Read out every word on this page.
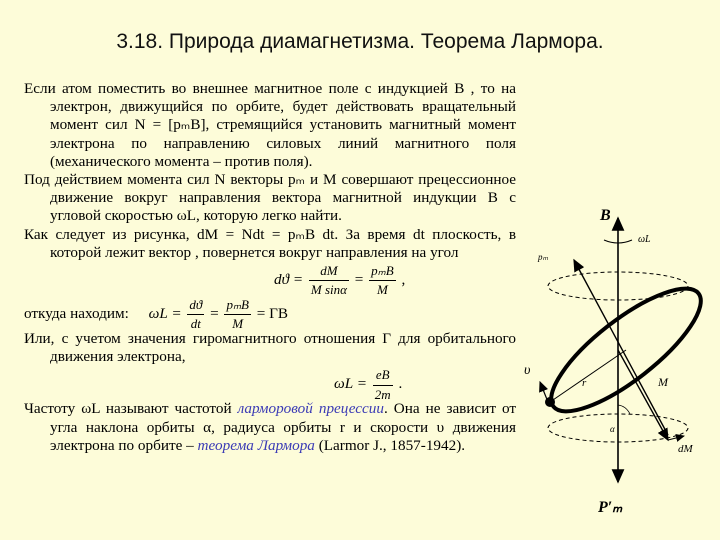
3.18. Природа диамагнетизма. Теорема Лармора.

Если атом поместить во внешнее магнитное поле с индукцией B , то на электрон, движущийся по орбите, будет действовать вращательный момент сил N = [pₘB], стремящийся установить магнитный момент электрона по направлению силовых линий магнитного поля (механического момента – против поля).

Под действием момента сил N векторы pₘ и M совершают прецессионное движение вокруг направления вектора магнитной индукции B с угловой скоростью ωL, которую легко найти.

Как следует из рисунка, dM = Ndt = pₘB dt. За время dt плоскость, в которой лежит вектор , повернется вокруг направления на угол

$dϑ = \frac{dM}{\text{M sinα}} = \frac{\text{pₘB}}{M}$ ,
откуда находим: $\omega L = \frac{dϑ}{dt} = \frac{\text{pₘB}}{M} = \Gamma B$

Или, с учетом значения гиромагнитного отношения Γ для орбитального движения электрона,

$\omega L = \frac{eB}{2m}$ .

Частоту ωL называют частотой ларморовой прецессии. Она не зависит от угла наклона орбиты α, радиуса орбиты r и скорости υ движения электрона по орбите – теорема Лармора (Larmor J., 1857-1942).

B
pₘ
ωL
υ
r	M
α
dM
P′ₘ
